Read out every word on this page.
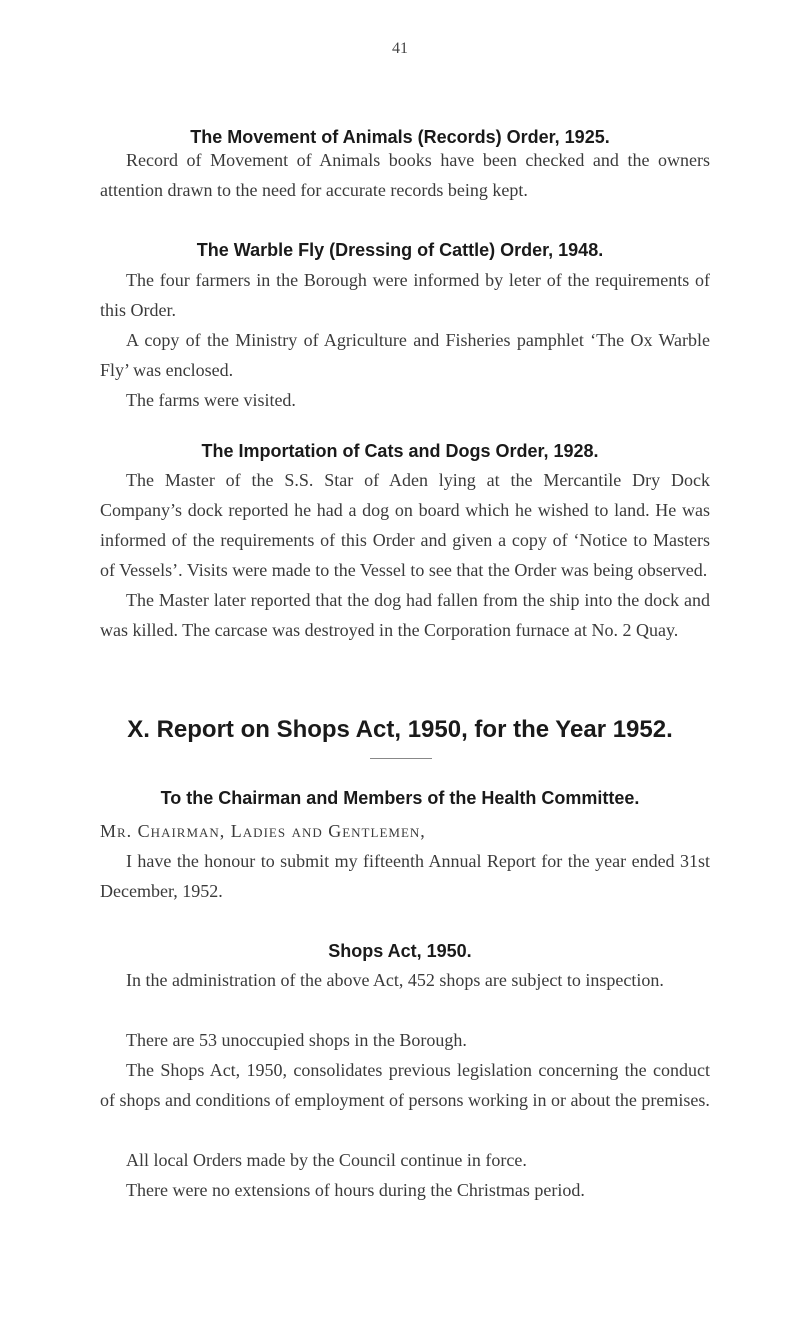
41
The Movement of Animals (Records) Order, 1925.

Record of Movement of Animals books have been checked and the owners attention drawn to the need for accurate records being kept.

The Warble Fly (Dressing of Cattle) Order, 1948.

The four farmers in the Borough were informed by leter of the requirements of this Order.

A copy of the Ministry of Agriculture and Fisheries pamphlet ‘The Ox Warble Fly’ was enclosed.

The farms were visited.

The Importation of Cats and Dogs Order, 1928.

The Master of the S.S. Star of Aden lying at the Mercantile Dry Dock Company’s dock reported he had a dog on board which he wished to land. He was informed of the requirements of this Order and given a copy of ‘Notice to Masters of Vessels’. Visits were made to the Vessel to see that the Order was being observed.

The Master later reported that the dog had fallen from the ship into the dock and was killed. The carcase was destroyed in the Corporation furnace at No. 2 Quay.

X. Report on Shops Act, 1950, for the Year 1952.
To the Chairman and Members of the Health Committee.

Mr. Chairman, Ladies and Gentlemen,

I have the honour to submit my fifteenth Annual Report for the year ended 31st December, 1952.

Shops Act, 1950.

In the administration of the above Act, 452 shops are subject to inspection.

There are 53 unoccupied shops in the Borough.

The Shops Act, 1950, consolidates previous legislation concerning the conduct of shops and conditions of employment of persons working in or about the premises.

All local Orders made by the Council continue in force.

There were no extensions of hours during the Christmas period.
